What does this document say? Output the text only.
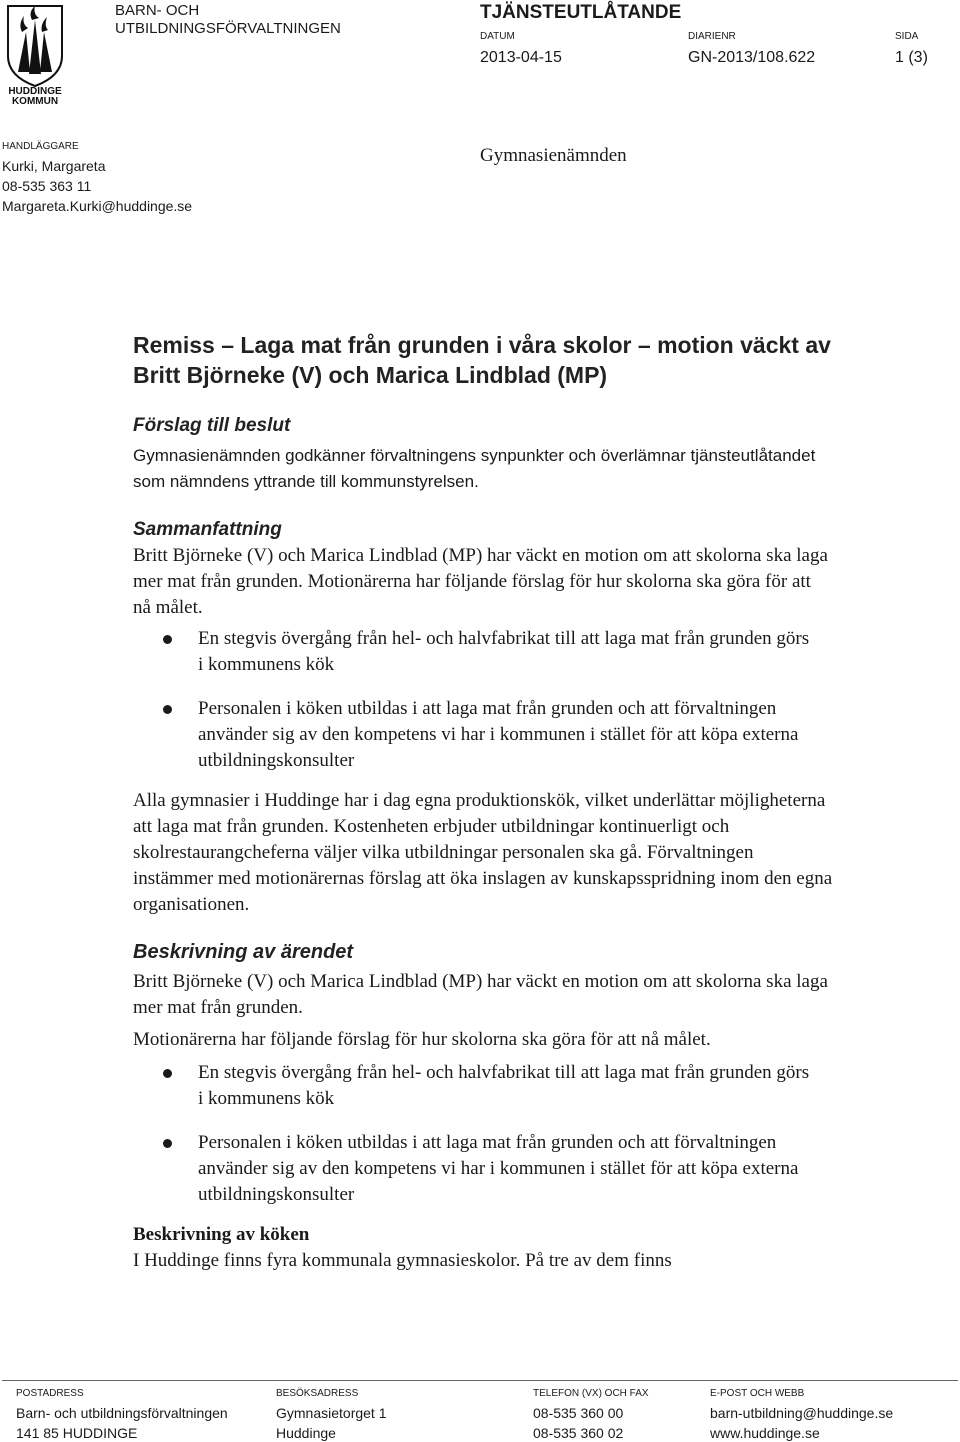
HUDDINGE
KOMMUN
BARN- OCH UTBILDNINGSFÖRVALTNINGEN
TJÄNSTEUTLÅTANDE
DATUM
2013-04-15
DIARIENR
GN-2013/108.622
SIDA
1 (3)
HANDLÄGGARE
Kurki, Margareta
08-535 363 11
Margareta.Kurki@huddinge.se
Gymnasienämnden
Remiss – Laga mat från grunden i våra skolor – motion väckt av Britt Björneke (V) och Marica Lindblad (MP)
Förslag till beslut
Gymnasienämnden godkänner förvaltningens synpunkter och överlämnar tjänsteutlåtandet som nämndens yttrande till kommunstyrelsen.
Sammanfattning
Britt Björneke (V) och Marica Lindblad (MP) har väckt en motion om att skolorna ska laga mer mat från grunden. Motionärerna har följande förslag för hur skolorna ska göra för att nå målet.
En stegvis övergång från hel- och halvfabrikat till att laga mat från grunden görs i kommunens kök
Personalen i köken utbildas i att laga mat från grunden och att förvaltningen använder sig av den kompetens vi har i kommunen i stället för att köpa externa utbildningskonsulter
Alla gymnasier i Huddinge har i dag egna produktionskök, vilket underlättar möjligheterna att laga mat från grunden. Kostenheten erbjuder utbildningar kontinuerligt och skolrestaurangcheferna väljer vilka utbildningar personalen ska gå. Förvaltningen instämmer med motionärernas förslag att öka inslagen av kunskapsspridning inom den egna organisationen.
Beskrivning av ärendet
Britt Björneke (V) och Marica Lindblad (MP) har väckt en motion om att skolorna ska laga mer mat från grunden.
Motionärerna har följande förslag för hur skolorna ska göra för att nå målet.
En stegvis övergång från hel- och halvfabrikat till att laga mat från grunden görs i kommunens kök
Personalen i köken utbildas i att laga mat från grunden och att förvaltningen använder sig av den kompetens vi har i kommunen i stället för att köpa externa utbildningskonsulter
Beskrivning av köken
I Huddinge finns fyra kommunala gymnasieskolor. På tre av dem finns
POSTADRESS
Barn- och utbildningsförvaltningen
141 85 HUDDINGE
BESÖKSADRESS
Gymnasietorget 1
Huddinge
TELEFON (VX) OCH FAX
08-535 360 00
08-535 360 02
E-POST OCH WEBB
barn-utbildning@huddinge.se
www.huddinge.se
